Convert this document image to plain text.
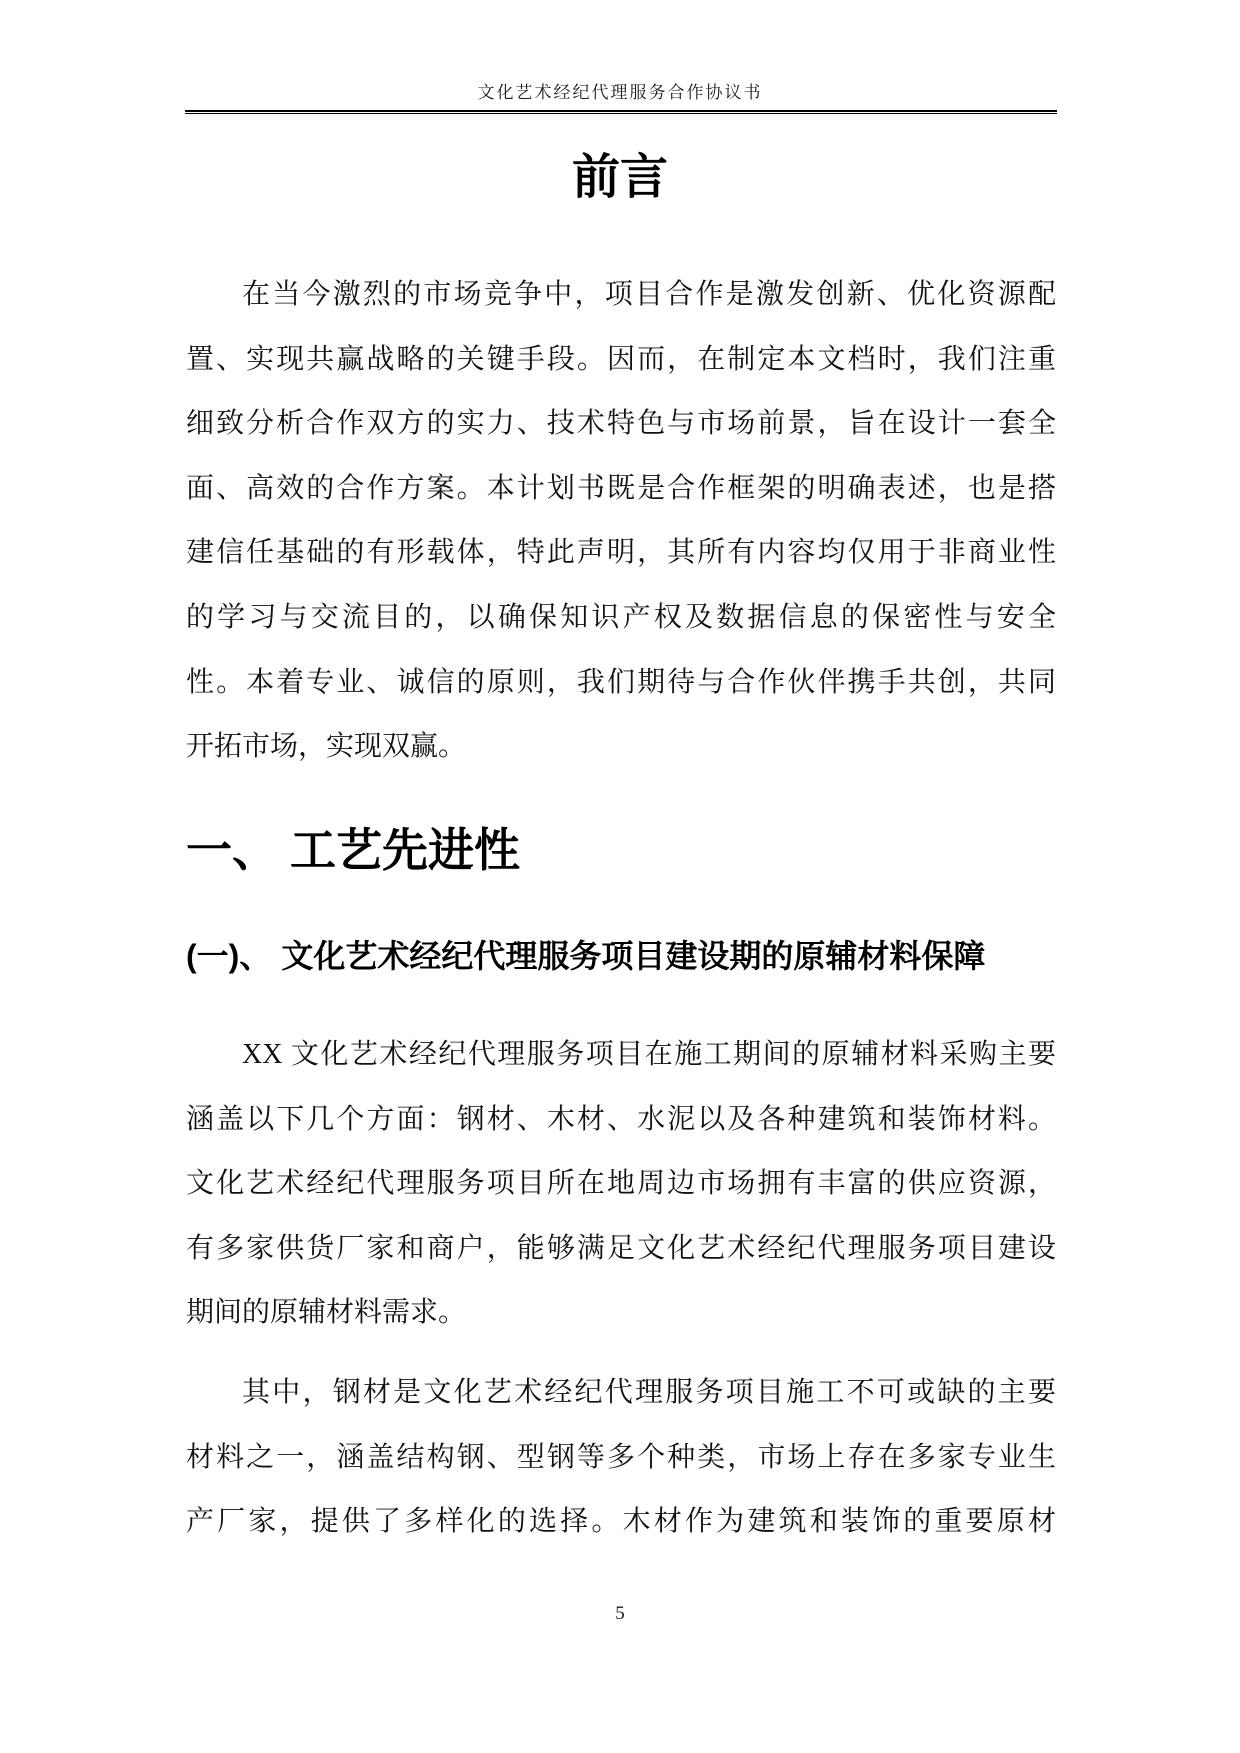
文化艺术经纪代理服务合作协议书
前言
在当今激烈的市场竞争中，项目合作是激发创新、优化资源配
置、实现共赢战略的关键手段。因而，在制定本文档时，我们注重
细致分析合作双方的实力、技术特色与市场前景，旨在设计一套全
面、高效的合作方案。本计划书既是合作框架的明确表述，也是搭
建信任基础的有形载体，特此声明，其所有内容均仅用于非商业性
的学习与交流目的，以确保知识产权及数据信息的保密性与安全
性。本着专业、诚信的原则，我们期待与合作伙伴携手共创，共同
开拓市场，实现双赢。
一、 工艺先进性
(一)、 文化艺术经纪代理服务项目建设期的原辅材料保障
XX 文化艺术经纪代理服务项目在施工期间的原辅材料采购主要
涵盖以下几个方面：钢材、木材、水泥以及各种建筑和装饰材料。
文化艺术经纪代理服务项目所在地周边市场拥有丰富的供应资源，
有多家供货厂家和商户，能够满足文化艺术经纪代理服务项目建设
期间的原辅材料需求。
其中，钢材是文化艺术经纪代理服务项目施工不可或缺的主要
材料之一，涵盖结构钢、型钢等多个种类，市场上存在多家专业生
产厂家，提供了多样化的选择。木材作为建筑和装饰的重要原材
5
